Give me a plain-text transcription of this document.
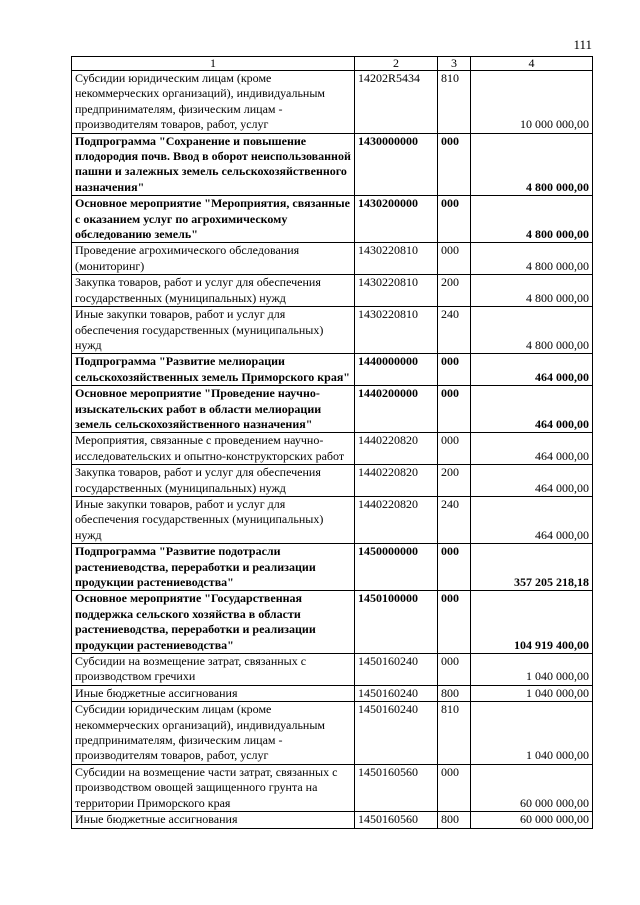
111
1	2	3	4
Субсидии юридическим лицам (кроме некоммерческих организаций), индивидуальным предпринимателям, физическим лицам - производителям товаров, работ, услуг	14202R5434	810	10 000 000,00
Подпрограмма "Сохранение и повышение плодородия почв. Ввод в оборот неиспользованной пашни и залежных земель сельскохозяйственного назначения"	1430000000	000	4 800 000,00
Основное мероприятие "Мероприятия, связанные с оказанием услуг по агрохимическому обследованию земель"	1430200000	000	4 800 000,00
Проведение агрохимического обследования (мониторинг)	1430220810	000	4 800 000,00
Закупка товаров, работ и услуг для обеспечения государственных (муниципальных) нужд	1430220810	200	4 800 000,00
Иные закупки товаров, работ и услуг для обеспечения государственных (муниципальных) нужд	1430220810	240	4 800 000,00
Подпрограмма "Развитие мелиорации сельскохозяйственных земель Приморского края"	1440000000	000	464 000,00
Основное мероприятие "Проведение научно-изыскательских работ в области мелиорации земель сельскохозяйственного назначения"	1440200000	000	464 000,00
Мероприятия, связанные с проведением научно-исследовательских и опытно-конструкторских работ	1440220820	000	464 000,00
Закупка товаров, работ и услуг для обеспечения государственных (муниципальных) нужд	1440220820	200	464 000,00
Иные закупки товаров, работ и услуг для обеспечения государственных (муниципальных) нужд	1440220820	240	464 000,00
Подпрограмма "Развитие подотрасли растениеводства, переработки и реализации продукции растениеводства"	1450000000	000	357 205 218,18
Основное мероприятие "Государственная поддержка сельского хозяйства в области растениеводства, переработки и реализации продукции растениеводства"	1450100000	000	104 919 400,00
Субсидии на возмещение затрат, связанных с производством гречихи	1450160240	000	1 040 000,00
Иные бюджетные ассигнования	1450160240	800	1 040 000,00
Субсидии юридическим лицам (кроме некоммерческих организаций), индивидуальным предпринимателям, физическим лицам - производителям товаров, работ, услуг	1450160240	810	1 040 000,00
Субсидии на возмещение части затрат, связанных с производством овощей защищенного грунта на территории Приморского края	1450160560	000	60 000 000,00
Иные бюджетные ассигнования	1450160560	800	60 000 000,00
